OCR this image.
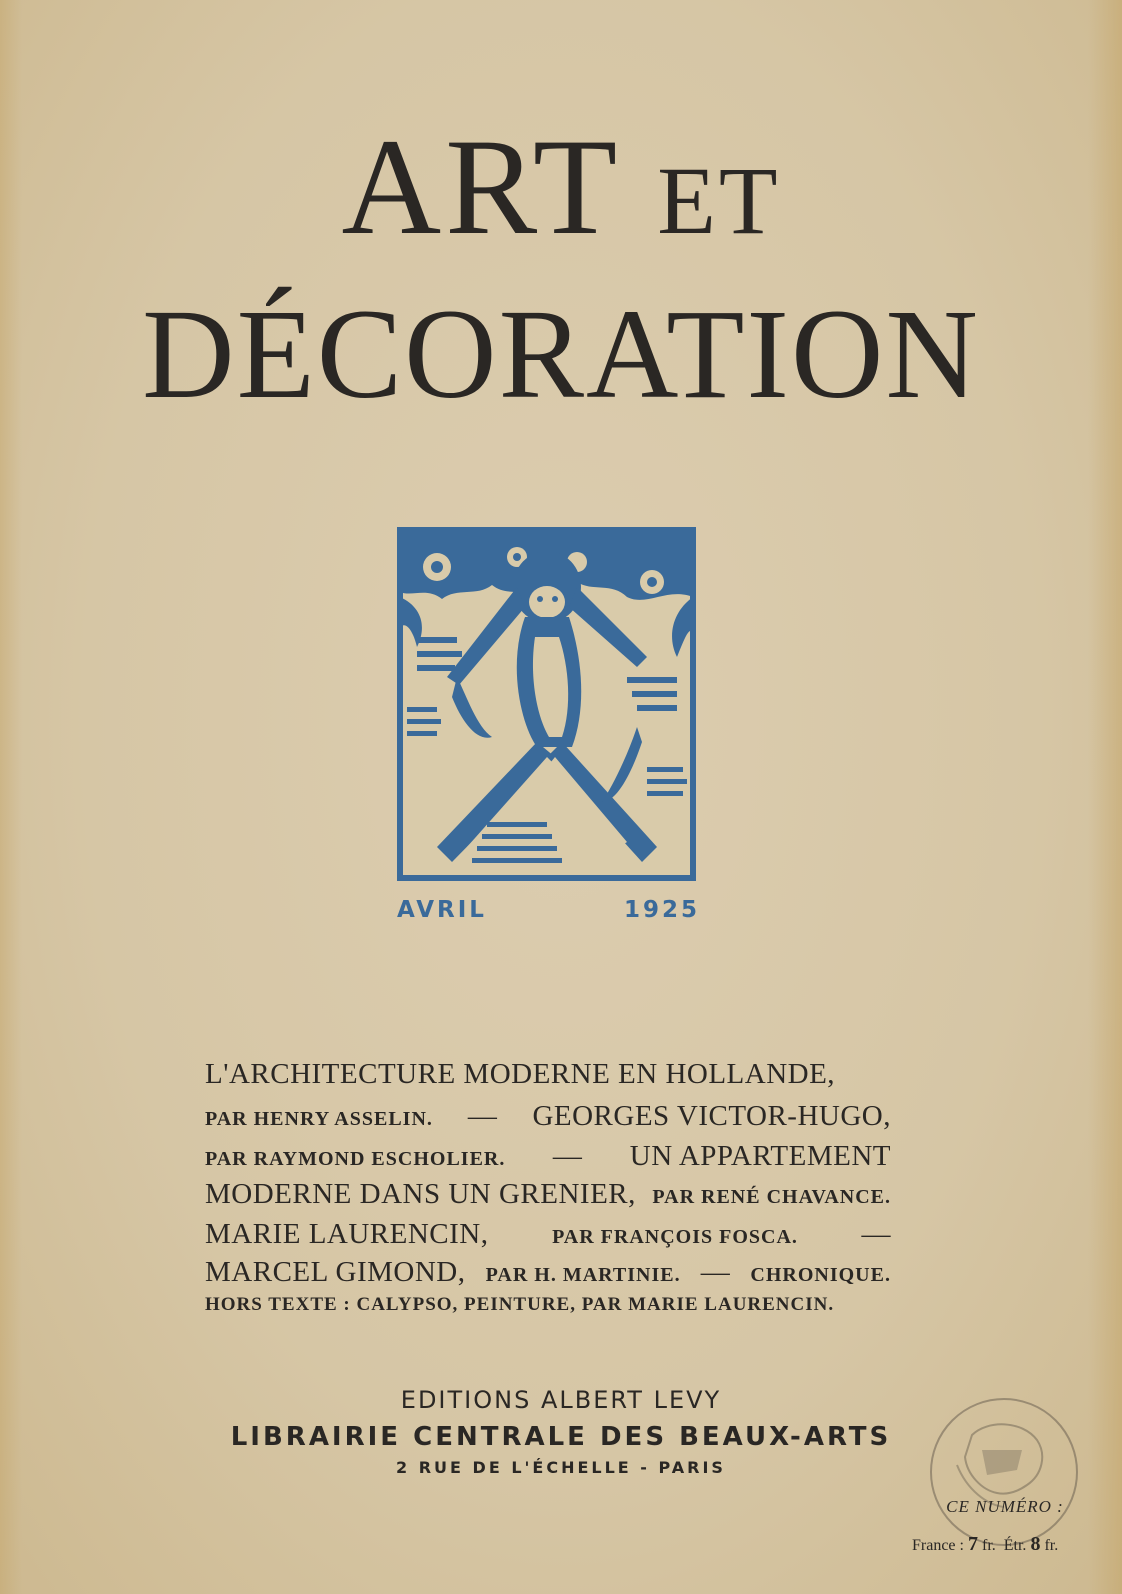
ART ET
DÉCORATION
AVRIL	1925
L'ARCHITECTURE MODERNE EN HOLLANDE,
PAR HENRY ASSELIN. — GEORGES VICTOR-HUGO,
PAR RAYMOND ESCHOLIER. — UN APPARTEMENT
MODERNE DANS UN GRENIER, PAR RENÉ CHAVANCE.
MARIE LAURENCIN,	PAR FRANÇOIS FOSCA. —
MARCEL GIMOND, PAR H. MARTINIE. — CHRONIQUE.
HORS TEXTE : CALYPSO, PEINTURE, PAR MARIE LAURENCIN.
EDITIONS ALBERT LEVY
LIBRAIRIE CENTRALE DES BEAUX-ARTS
2 RUE DE L'ÉCHELLE - PARIS
CE NUMÉRO :
France : 7 fr. Étr. 8 fr.
